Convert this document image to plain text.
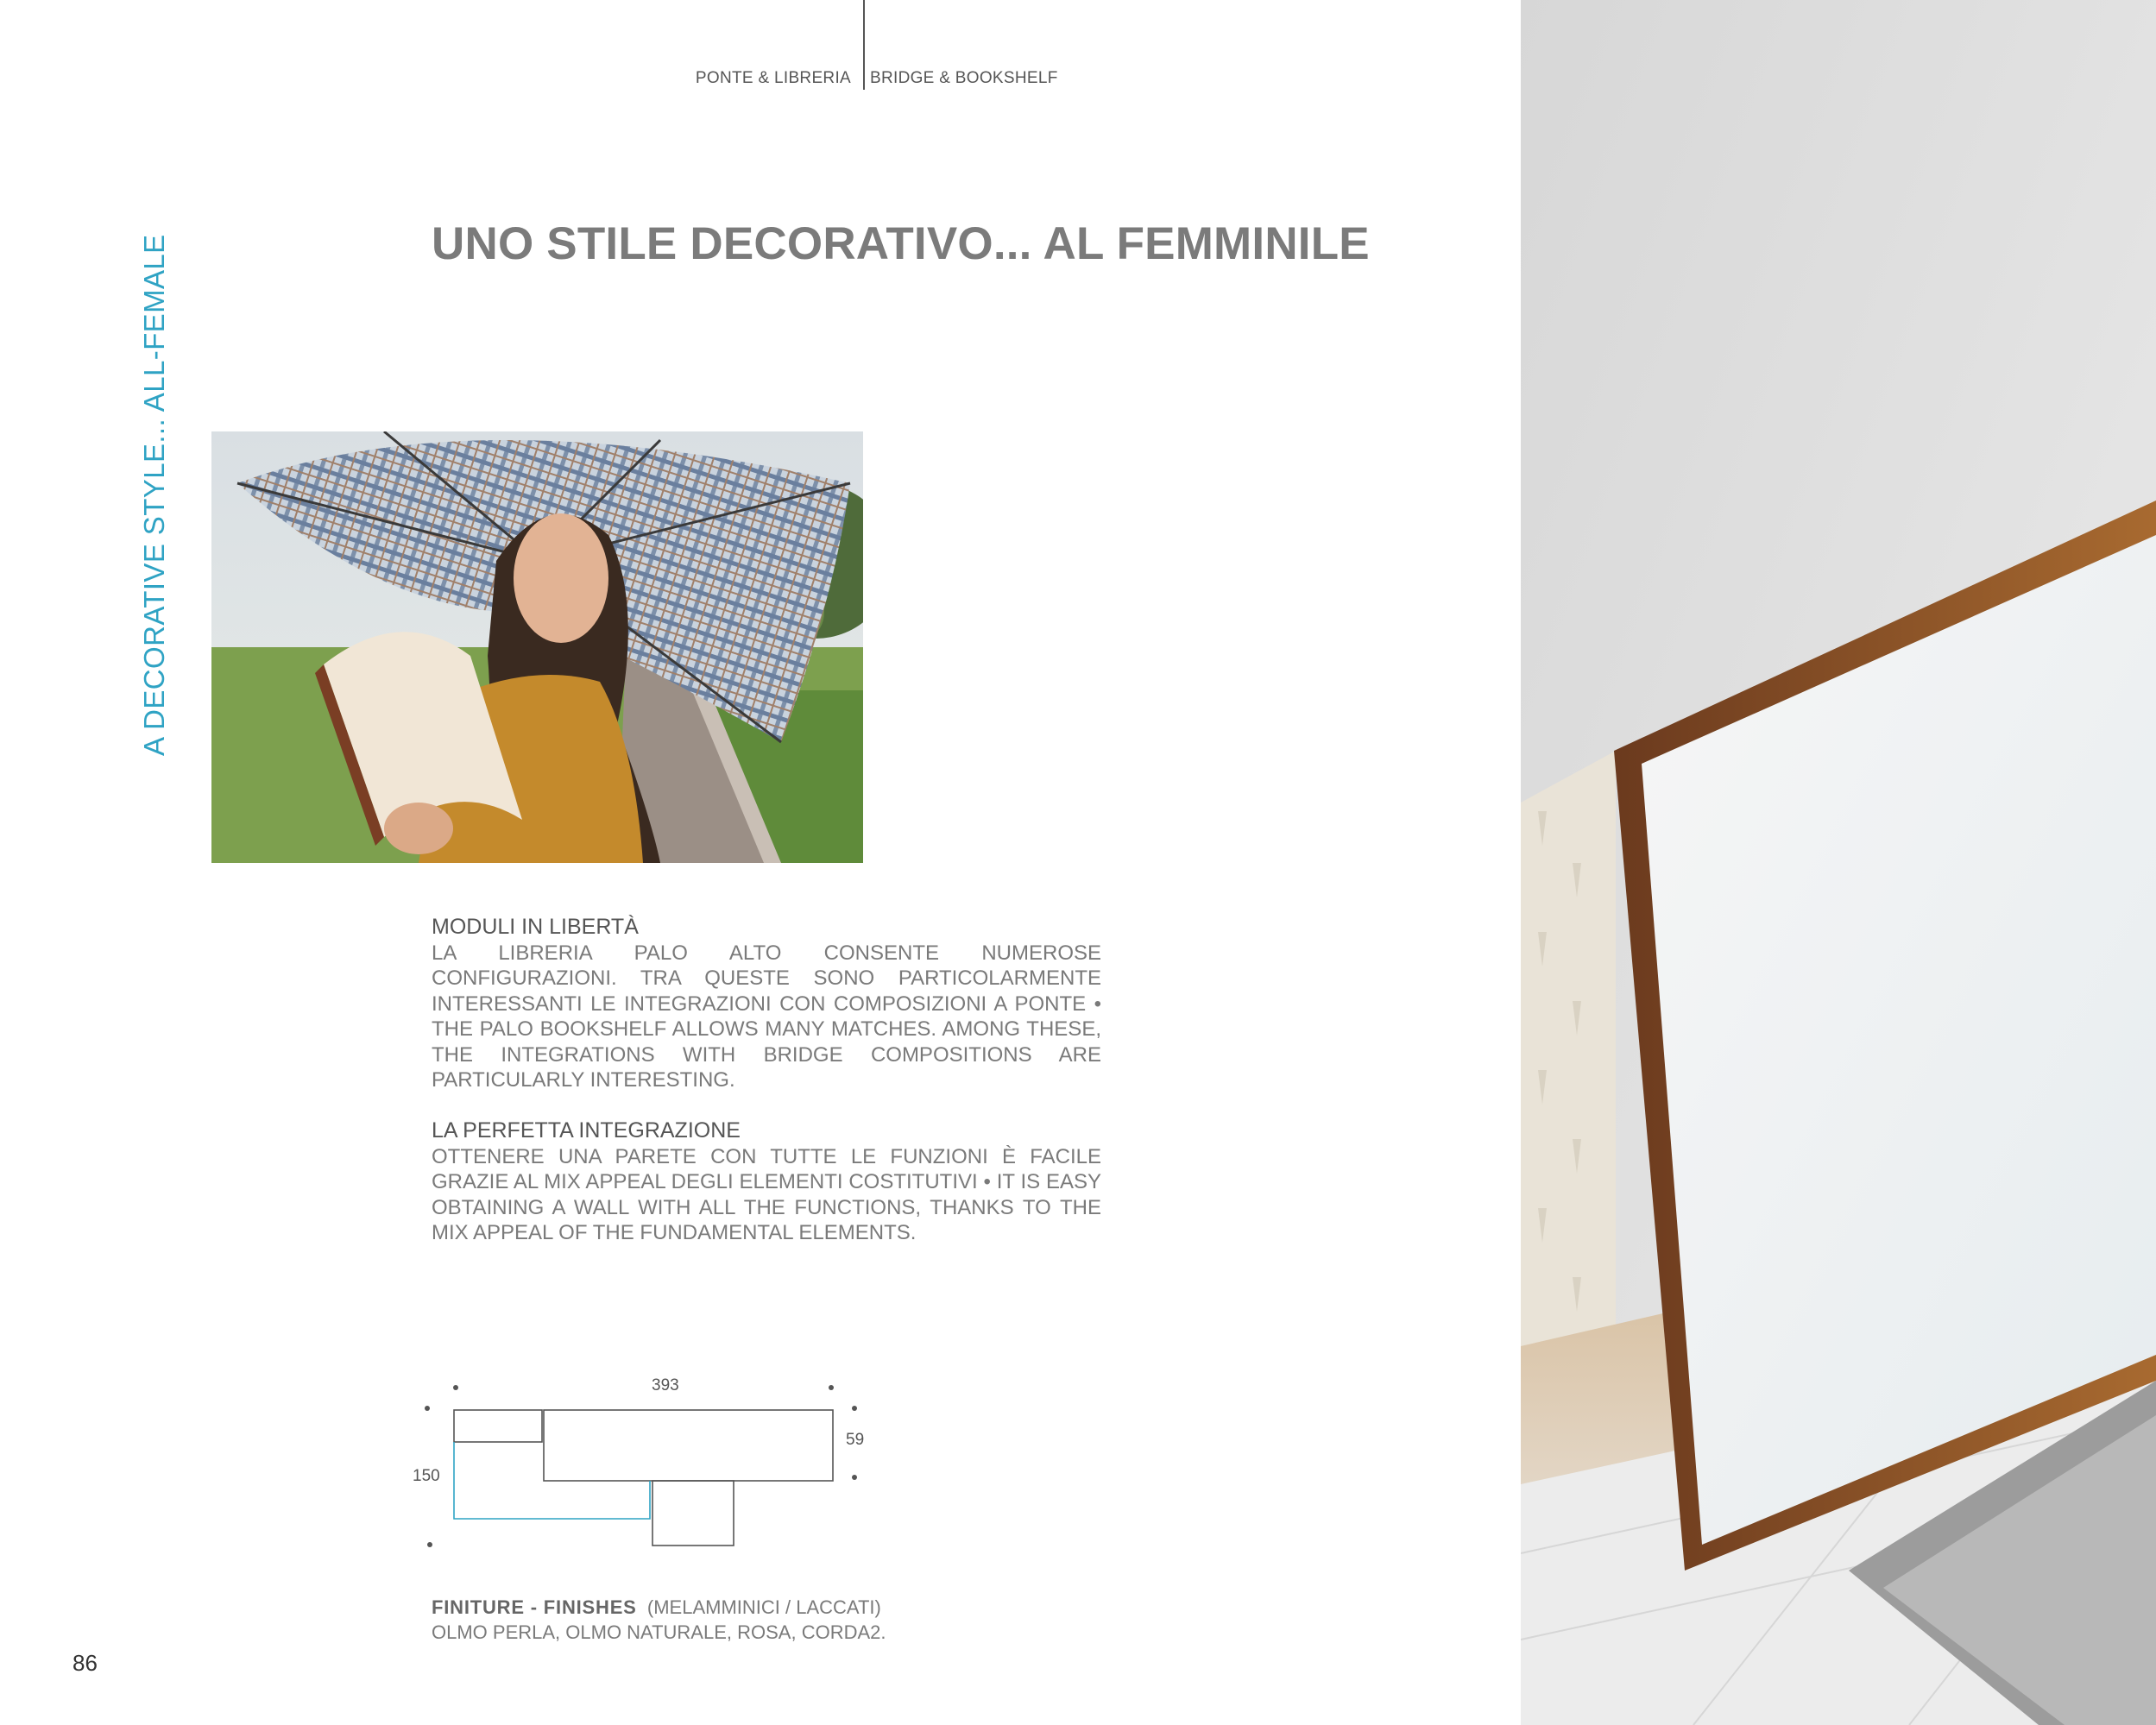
PONTE & LIBRERIA BRIDGE & BOOKSHELF
UNO STILE DECORATIVO... AL FEMMINILE
A DECORATIVE STYLE... ALL-FEMALE
MODULI IN LIBERTÀ
LA LIBRERIA PALO ALTO CONSENTE NUMEROSE CONFIGURAZIONI. TRA QUESTE SONO PARTICOLARMENTE INTERESSANTI LE INTEGRAZIONI CON COMPOSIZIONI A PONTE • THE PALO BOOKSHELF ALLOWS MANY MATCHES. AMONG THESE, THE INTEGRATIONS WITH BRIDGE COMPOSITIONS ARE PARTICULARLY INTERESTING.
LA PERFETTA INTEGRAZIONE
OTTENERE UNA PARETE CON TUTTE LE FUNZIONI È FACILE GRAZIE AL MIX APPEAL DEGLI ELEMENTI COSTITUTIVI • IT IS EASY OBTAINING A WALL WITH ALL THE FUNCTIONS, THANKS TO THE MIX APPEAL OF THE FUNDAMENTAL ELEMENTS.
393
59
150
FINITURE - FINISHES (MELAMMINICI / LACCATI)
OLMO PERLA, OLMO NATURALE, ROSA, CORDA2.
86
